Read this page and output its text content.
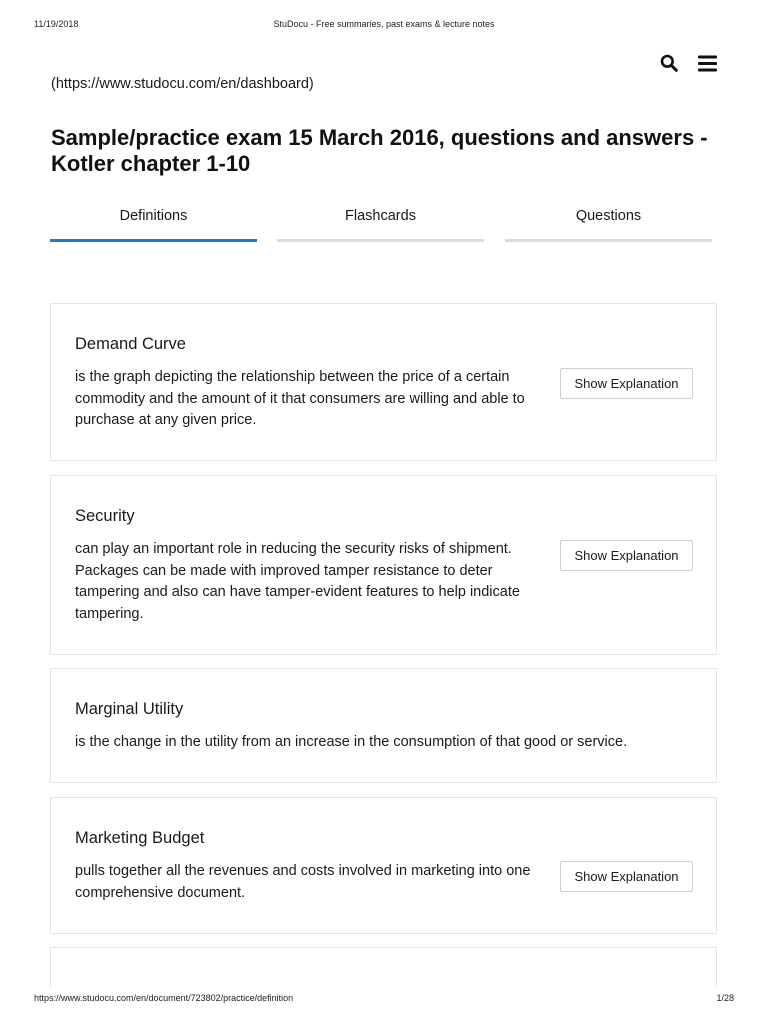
11/19/2018	StuDocu - Free summaries, past exams & lecture notes
(https://www.studocu.com/en/dashboard)
Sample/practice exam 15 March 2016, questions and answers - Kotler chapter 1-10
Definitions	Flashcards	Questions
Demand Curve
is the graph depicting the relationship between the price of a certain commodity and the amount of it that consumers are willing and able to purchase at any given price.
Show Explanation
Security
can play an important role in reducing the security risks of shipment. Packages can be made with improved tamper resistance to deter tampering and also can have tamper-evident features to help indicate tampering.
Show Explanation
Marginal Utility
is the change in the utility from an increase in the consumption of that good or service.
Marketing Budget
pulls together all the revenues and costs involved in marketing into one comprehensive document.
Show Explanation
https://www.studocu.com/en/document/723802/practice/definition	1/28
